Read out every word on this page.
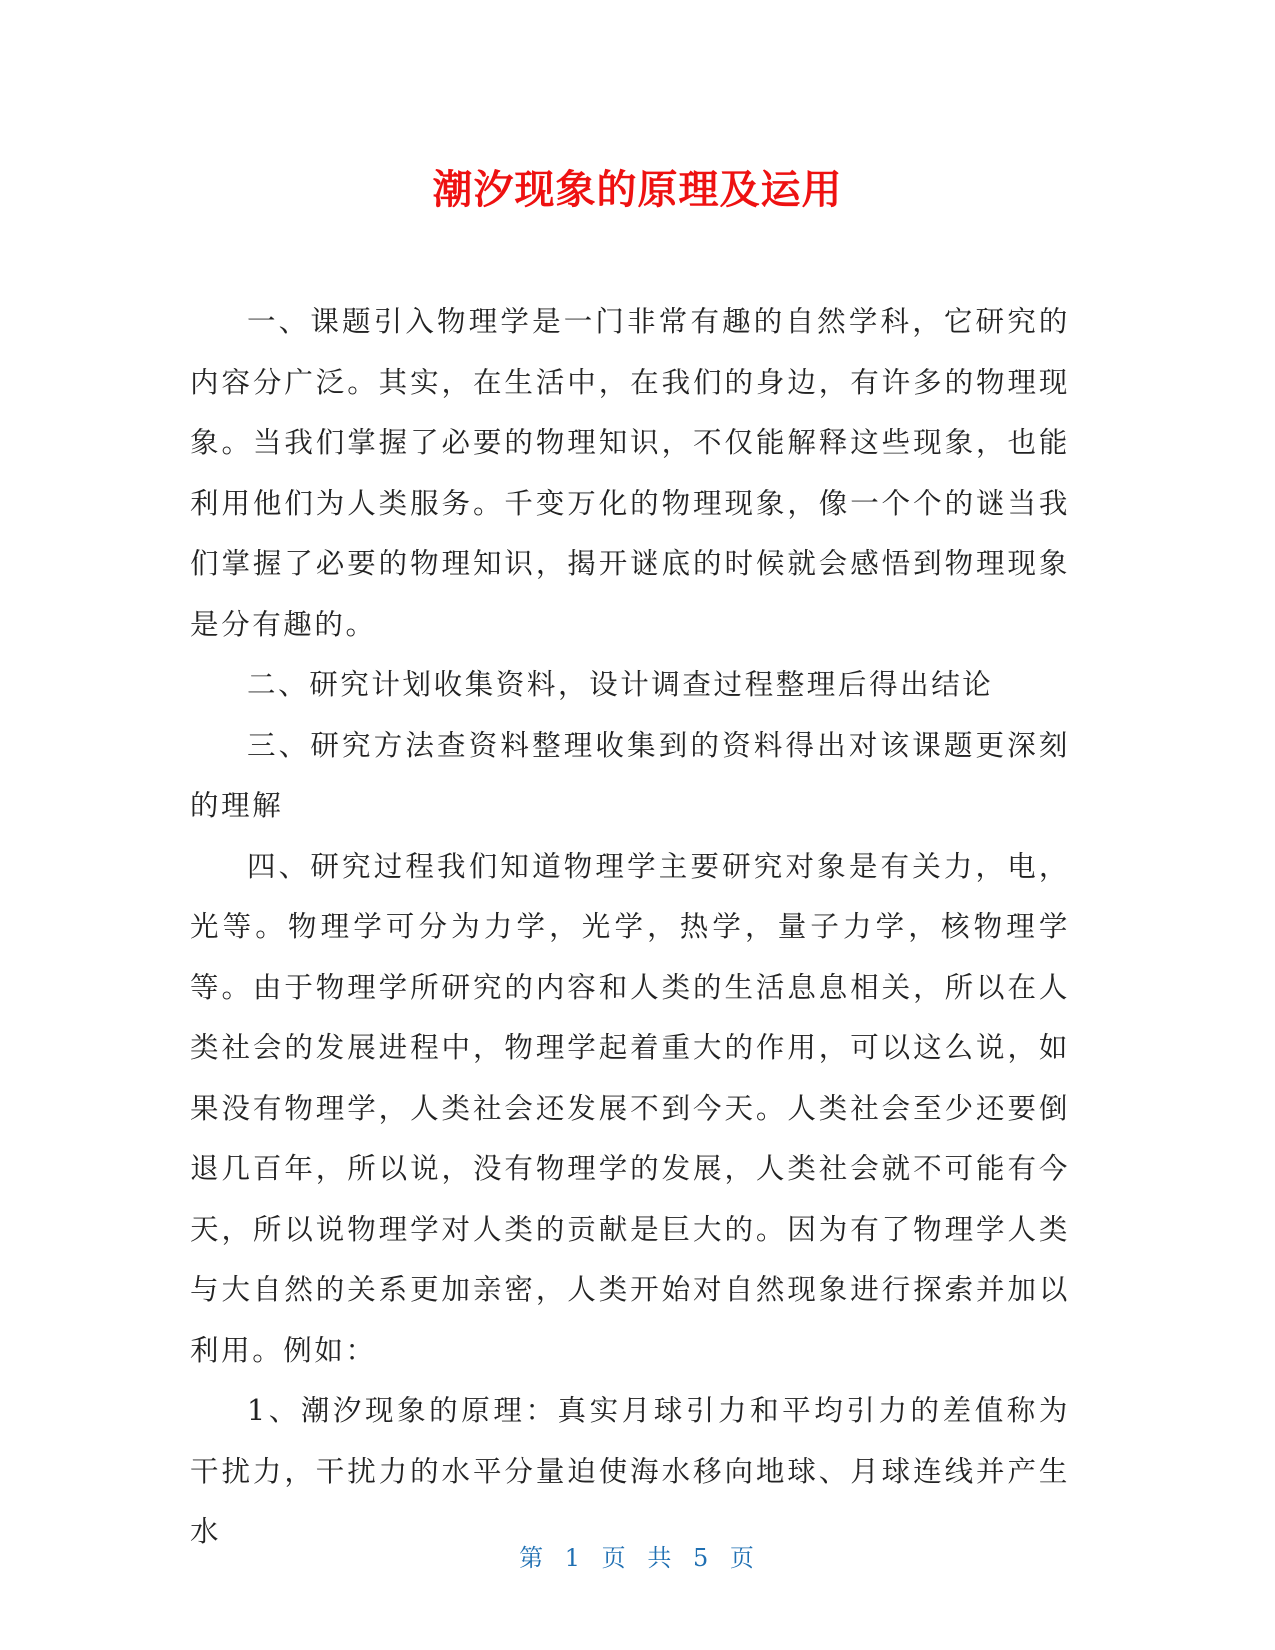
潮汐现象的原理及运用

一、课题引入物理学是一门非常有趣的自然学科，它研究的内容分广泛。其实，在生活中，在我们的身边，有许多的物理现象。当我们掌握了必要的物理知识，不仅能解释这些现象，也能利用他们为人类服务。千变万化的物理现象，像一个个的谜当我们掌握了必要的物理知识，揭开谜底的时候就会感悟到物理现象是分有趣的。

二、研究计划收集资料，设计调查过程整理后得出结论

三、研究方法查资料整理收集到的资料得出对该课题更深刻的理解

四、研究过程我们知道物理学主要研究对象是有关力，电，光等。物理学可分为力学，光学，热学，量子力学，核物理学等。由于物理学所研究的内容和人类的生活息息相关，所以在人类社会的发展进程中，物理学起着重大的作用，可以这么说，如果没有物理学，人类社会还发展不到今天。人类社会至少还要倒退几百年，所以说，没有物理学的发展，人类社会就不可能有今天，所以说物理学对人类的贡献是巨大的。因为有了物理学人类与大自然的关系更加亲密，人类开始对自然现象进行探索并加以利用。例如：

1、潮汐现象的原理：真实月球引力和平均引力的差值称为干扰力，干扰力的水平分量迫使海水移向地球、月球连线并产生水

第 1 页 共 5 页
